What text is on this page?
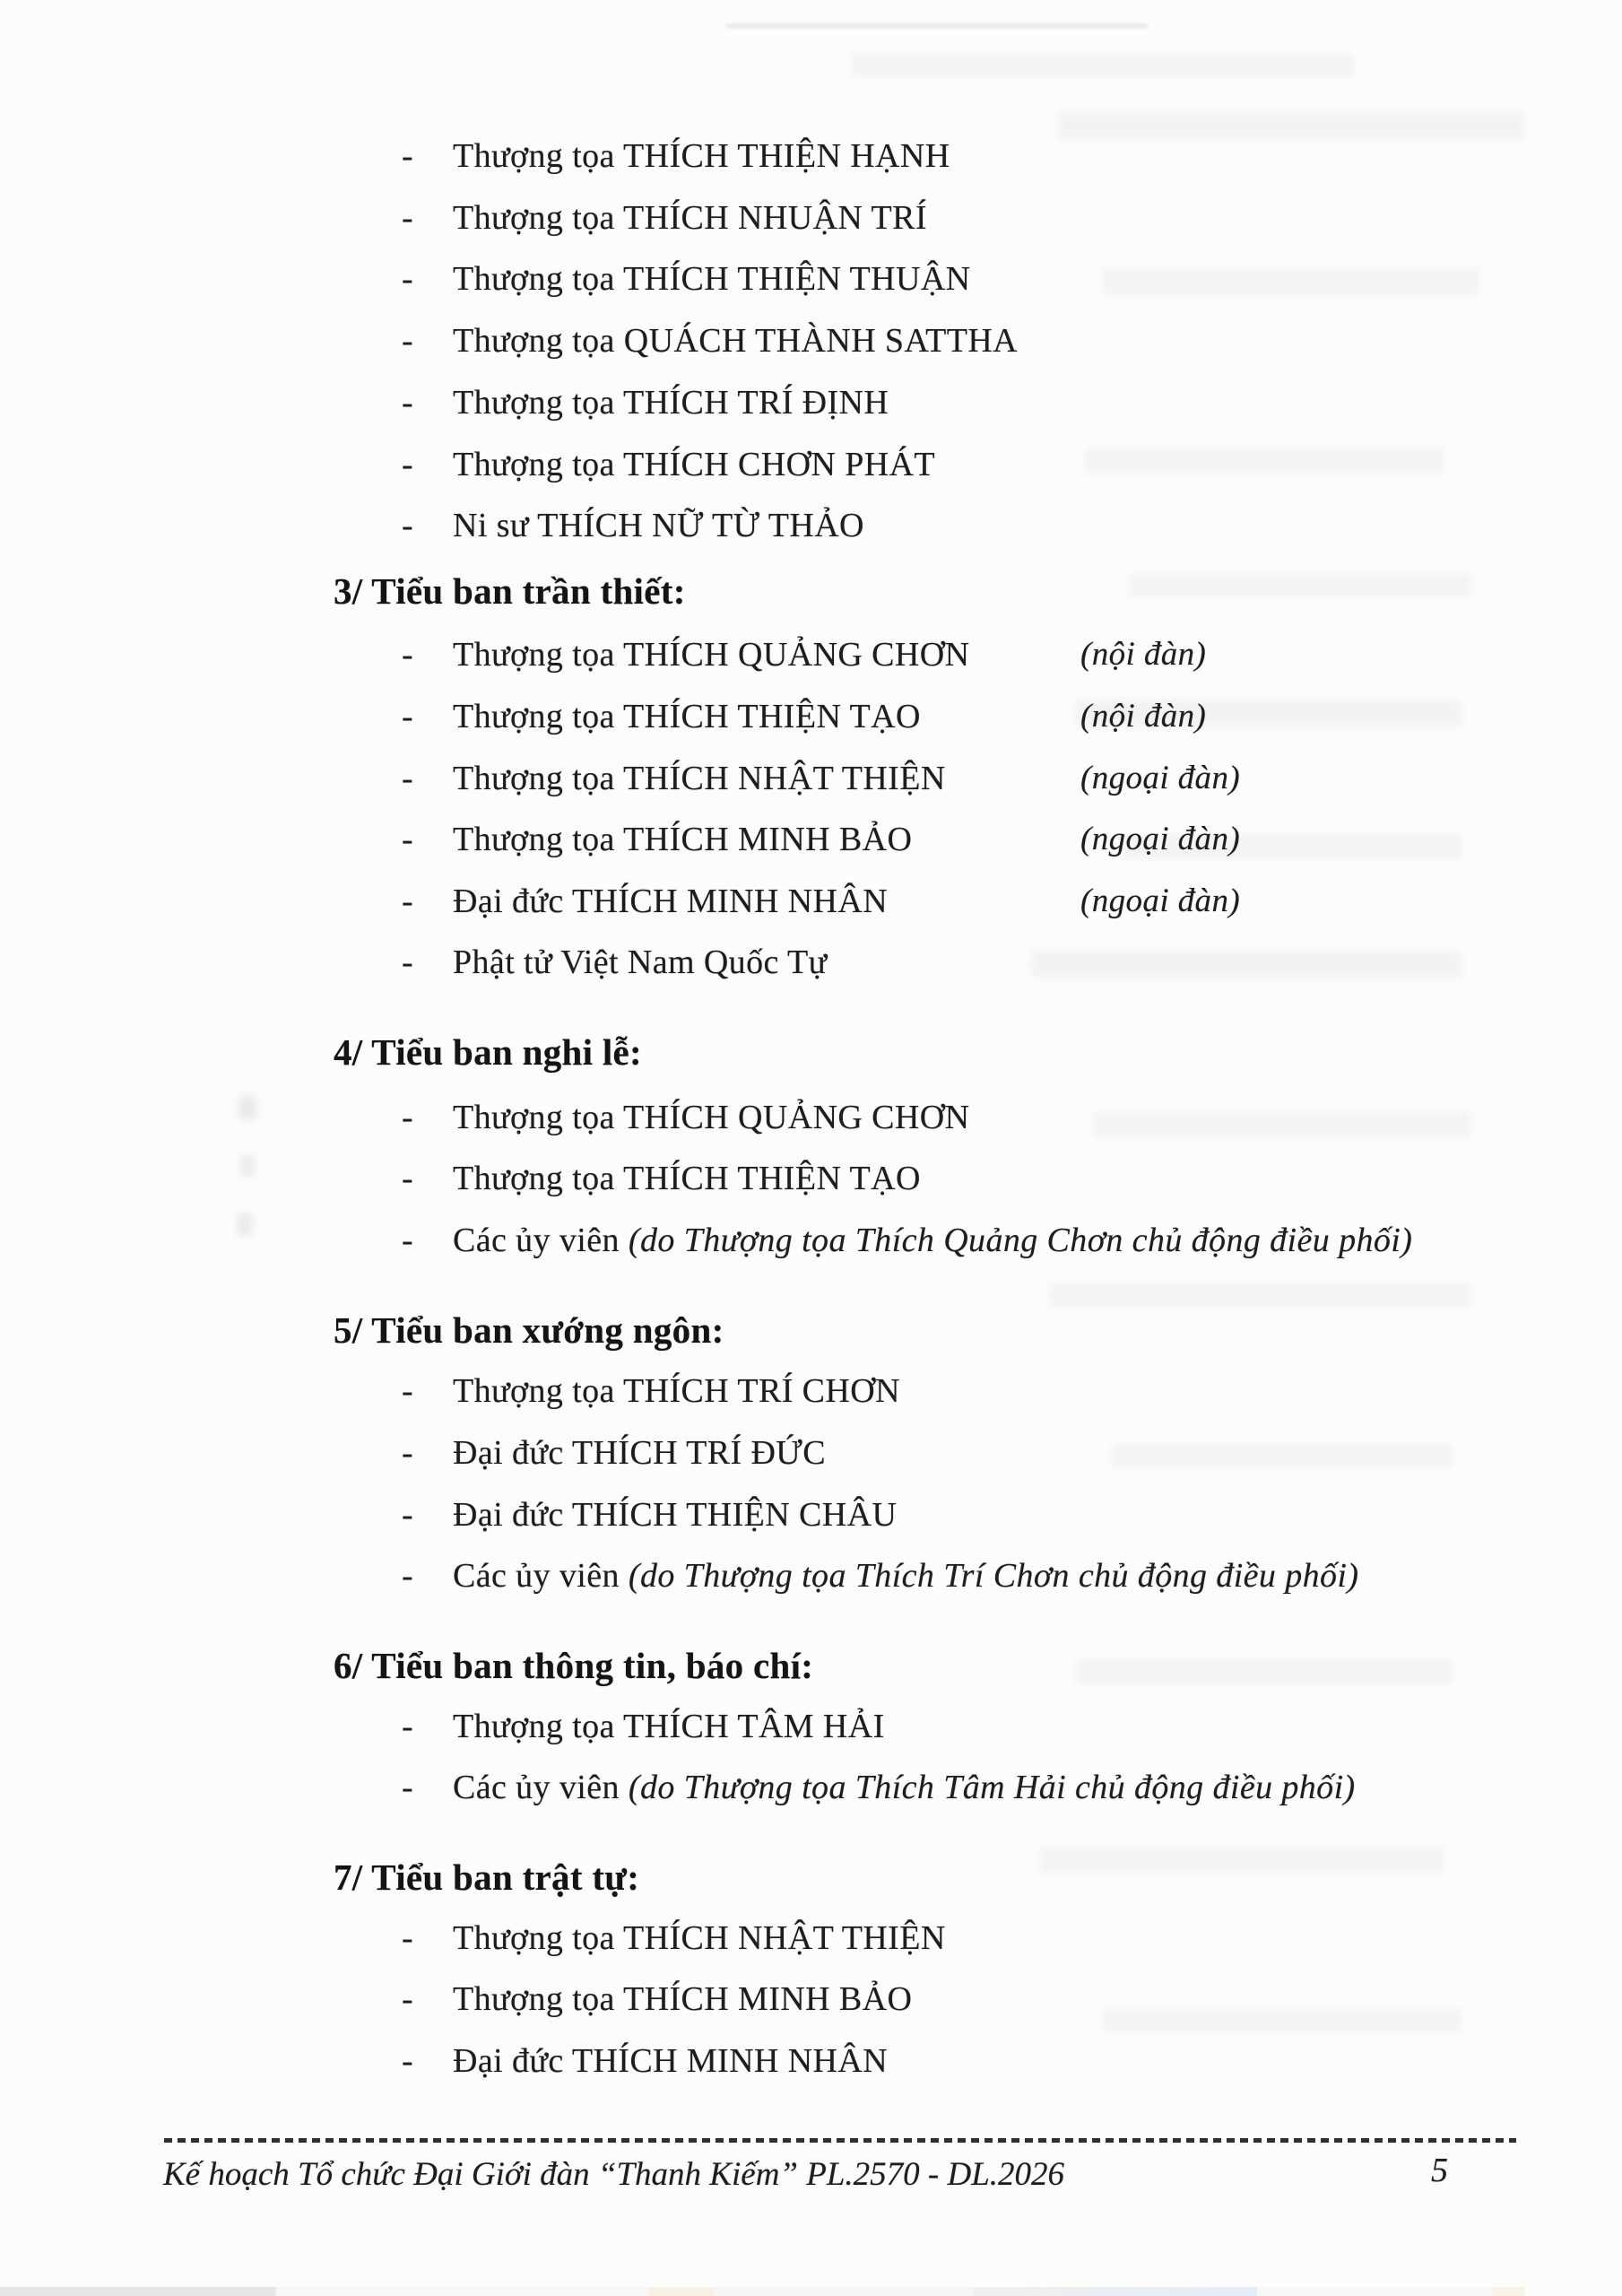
- Thượng tọa THÍCH THIỆN HẠNH
- Thượng tọa THÍCH NHUẬN TRÍ
- Thượng tọa THÍCH THIỆN THUẬN
- Thượng tọa QUÁCH THÀNH SATTHA
- Thượng tọa THÍCH TRÍ ĐỊNH
- Thượng tọa THÍCH CHƠN PHÁT
- Ni sư THÍCH NỮ TỪ THẢO
3/ Tiểu ban trần thiết:
- Thượng tọa THÍCH QUẢNG CHƠN	(nội đàn)
- Thượng tọa THÍCH THIỆN TẠO	(nội đàn)
- Thượng tọa THÍCH NHẬT THIỆN	(ngoại đàn)
- Thượng tọa THÍCH MINH BẢO	(ngoại đàn)
- Đại đức THÍCH MINH NHÂN	(ngoại đàn)
- Phật tử Việt Nam Quốc Tự
4/ Tiểu ban nghi lễ:
- Thượng tọa THÍCH QUẢNG CHƠN
- Thượng tọa THÍCH THIỆN TẠO
- Các ủy viên (do Thượng tọa Thích Quảng Chơn chủ động điều phối)
5/ Tiểu ban xướng ngôn:
- Thượng tọa THÍCH TRÍ CHƠN
- Đại đức THÍCH TRÍ ĐỨC
- Đại đức THÍCH THIỆN CHÂU
- Các ủy viên (do Thượng tọa Thích Trí Chơn chủ động điều phối)
6/ Tiểu ban thông tin, báo chí:
- Thượng tọa THÍCH TÂM HẢI
- Các ủy viên (do Thượng tọa Thích Tâm Hải chủ động điều phối)
7/ Tiểu ban trật tự:
- Thượng tọa THÍCH NHẬT THIỆN
- Thượng tọa THÍCH MINH BẢO
- Đại đức THÍCH MINH NHÂN
Kế hoạch Tổ chức Đại Giới đàn “Thanh Kiếm” PL.2570 - DL.2026	5
